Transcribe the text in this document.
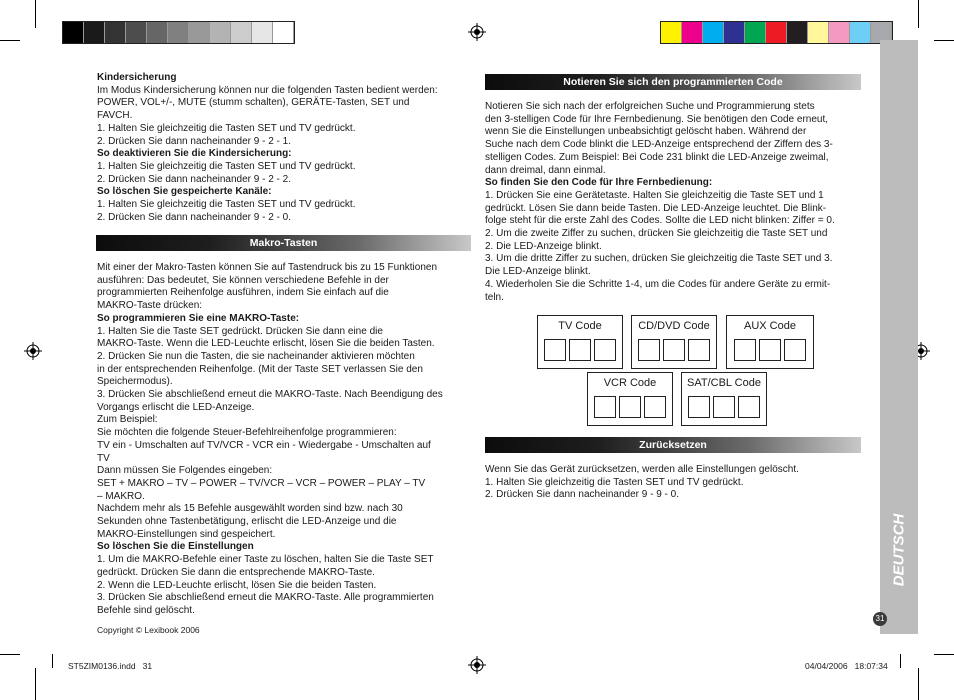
DEUTSCH
31

Kindersicherung

Im Modus Kindersicherung können nur die folgenden Tasten bedient werden:

POWER, VOL+/-, MUTE (stumm schalten), GERÄTE-Tasten, SET und

FAVCH.

1. Halten Sie gleichzeitig die Tasten SET und TV gedrückt.

2. Drücken Sie dann nacheinander 9 - 2 - 1.

So deaktivieren Sie die Kindersicherung:

1. Halten Sie gleichzeitig die Tasten SET und TV gedrückt.

2. Drücken Sie dann nacheinander 9 - 2 - 2.

So löschen Sie gespeicherte Kanäle:

1. Halten Sie gleichzeitig die Tasten SET und TV gedrückt.

2. Drücken Sie dann nacheinander 9 - 2 - 0.

Makro-Tasten

Mit einer der Makro-Tasten können Sie auf Tastendruck bis zu 15 Funktionen

ausführen: Das bedeutet, Sie können verschiedene Befehle in der

programmierten Reihenfolge ausführen, indem Sie einfach auf die

MAKRO-Taste drücken:

So programmieren Sie eine MAKRO-Taste:

1. Halten Sie die Taste SET gedrückt. Drücken Sie dann eine die

MAKRO-Taste. Wenn die LED-Leuchte erlischt, lösen Sie die beiden Tasten.

2. Drücken Sie nun die Tasten, die sie nacheinander aktivieren möchten

in der entsprechenden Reihenfolge. (Mit der Taste SET verlassen Sie den

Speichermodus).

3. Drücken Sie abschließend erneut die MAKRO-Taste. Nach Beendigung des

Vorgangs erlischt die LED-Anzeige.

Zum Beispiel:

Sie möchten die folgende Steuer-Befehlreihenfolge programmieren:

TV ein - Umschalten auf TV/VCR - VCR ein - Wiedergabe - Umschalten auf

TV

Dann müssen Sie Folgendes eingeben:

SET + MAKRO – TV – POWER – TV/VCR – VCR – POWER – PLAY – TV

– MAKRO.

Nachdem mehr als 15 Befehle ausgewählt worden sind bzw. nach 30

Sekunden ohne Tastenbetätigung, erlischt die LED-Anzeige und die

MAKRO-Einstellungen sind gespeichert.

So löschen Sie die Einstellungen

1. Um die MAKRO-Befehle einer Taste zu löschen, halten Sie die Taste SET

gedrückt. Drücken Sie dann die entsprechende MAKRO-Taste.

2. Wenn die LED-Leuchte erlischt, lösen Sie die beiden Tasten.

3. Drücken Sie abschließend erneut die MAKRO-Taste. Alle programmierten

Befehle sind gelöscht.

Copyright © Lexibook 2006
Notieren Sie sich den programmierten Code

Notieren Sie sich nach der erfolgreichen Suche und Programmierung stets

den 3-stelligen Code für Ihre Fernbedienung. Sie benötigen den Code erneut,

wenn Sie die Einstellungen unbeabsichtigt gelöscht haben. Während der

Suche nach dem Code blinkt die LED-Anzeige entsprechend der Ziffern des 3-

stelligen Codes. Zum Beispiel: Bei Code 231 blinkt die LED-Anzeige zweimal,

dann dreimal, dann einmal.

So finden Sie den Code für Ihre Fernbedienung:

1. Drücken Sie eine Gerätetaste. Halten Sie gleichzeitig die Taste SET und 1

gedrückt. Lösen Sie dann beide Tasten. Die LED-Anzeige leuchtet. Die Blink-

folge steht für die erste Zahl des Codes. Sollte die LED nicht blinken: Ziffer = 0.

2. Um die zweite Ziffer zu suchen, drücken Sie gleichzeitig die Taste SET und

2. Die LED-Anzeige blinkt.

3. Um die dritte Ziffer zu suchen, drücken Sie gleichzeitig die Taste SET und 3.

Die LED-Anzeige blinkt.

4. Wiederholen Sie die Schritte 1-4, um die Codes für andere Geräte zu ermit-

teln.

TV Code	CD/DVD Code	AUX Code
VCR Code	SAT/CBL Code
Zurücksetzen

Wenn Sie das Gerät zurücksetzen, werden alle Einstellungen gelöscht.

1. Halten Sie gleichzeitig die Tasten SET und TV gedrückt.

2. Drücken Sie dann nacheinander 9 - 9 - 0.

ST5ZIM0136.indd   31	04/04/2006   18:07:34
